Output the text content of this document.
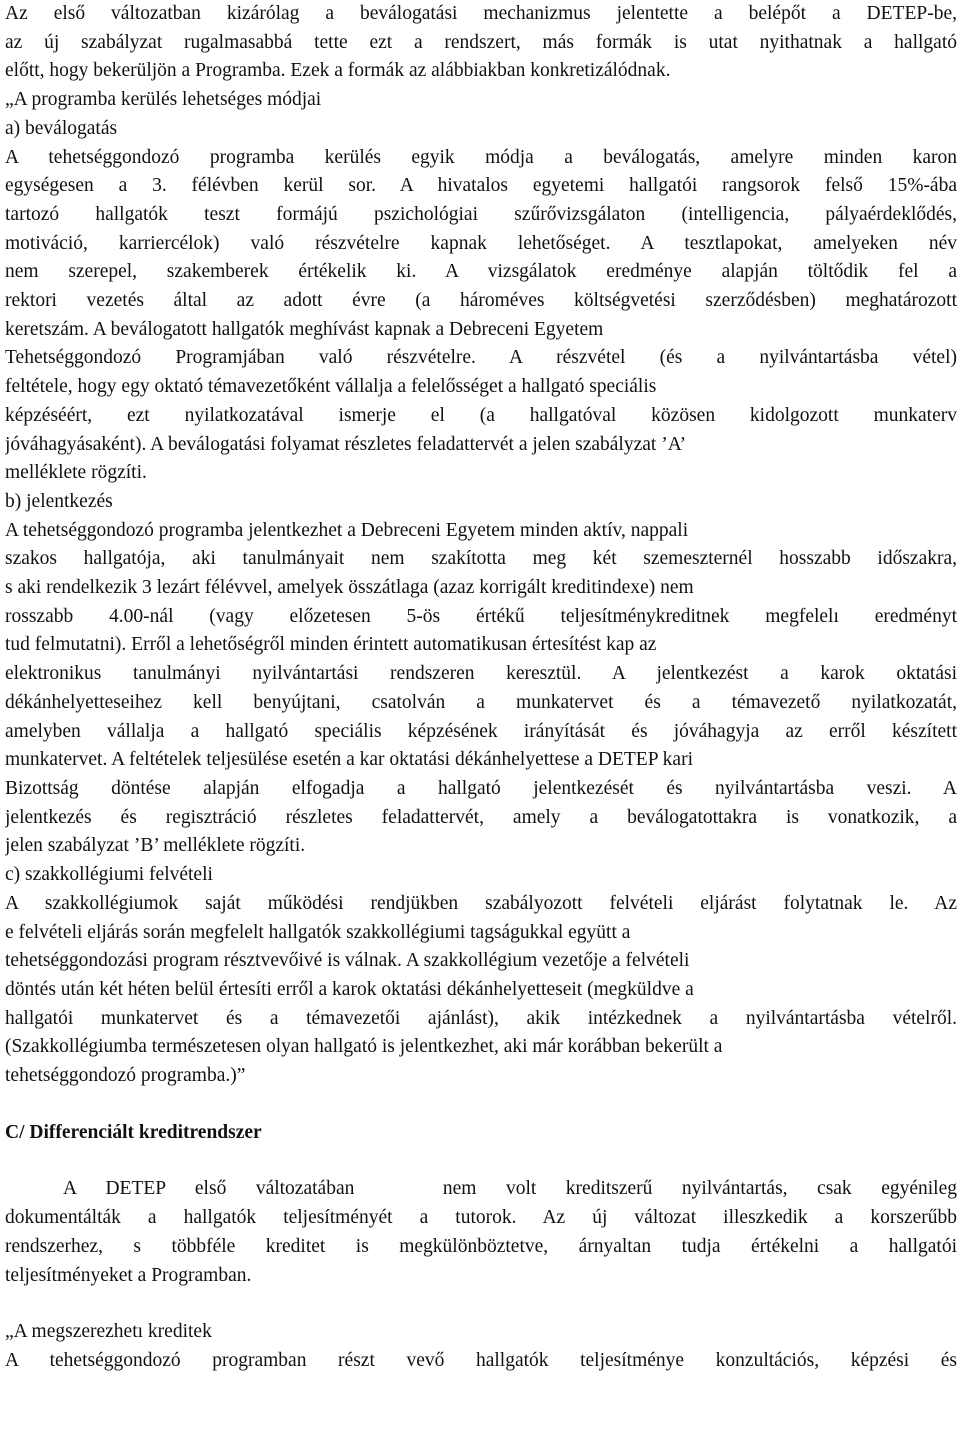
Az első változatban kizárólag a beválogatási mechanizmus jelentette a belépőt a DETEP-be,
az új szabályzat rugalmasabbá tette ezt a rendszert, más formák is utat nyithatnak a hallgató
előtt, hogy bekerüljön a Programba. Ezek a formák az alábbiakban konkretizálódnak.
„A programba kerülés lehetséges módjai
a) beválogatás
A tehetséggondozó programba kerülés egyik módja a beválogatás, amelyre minden karon
egységesen a 3. félévben kerül sor. A hivatalos egyetemi hallgatói rangsorok felső 15%-ába
tartozó hallgatók teszt formájú pszichológiai szűrővizsgálaton (intelligencia, pályaérdeklődés,
motiváció, karriercélok) való részvételre kapnak lehetőséget. A tesztlapokat, amelyeken név
nem szerepel, szakemberek értékelik ki. A vizsgálatok eredménye alapján töltődik fel a
rektori vezetés által az adott évre (a hároméves költségvetési szerződésben) meghatározott
keretszám. A beválogatott hallgatók meghívást kapnak a Debreceni Egyetem
Tehetséggondozó Programjában való részvételre. A részvétel (és a nyilvántartásba vétel)
feltétele, hogy egy oktató témavezetőként vállalja a felelősséget a hallgató speciális
képzéséért, ezt nyilatkozatával ismerje el (a hallgatóval közösen kidolgozott munkaterv
jóváhagyásaként). A beválogatási folyamat részletes feladattervét a jelen szabályzat ’A’
melléklete rögzíti.
b) jelentkezés
A tehetséggondozó programba jelentkezhet a Debreceni Egyetem minden aktív, nappali
szakos hallgatója, aki tanulmányait nem szakította meg két szemeszternél hosszabb időszakra,
s aki rendelkezik 3 lezárt félévvel, amelyek összátlaga (azaz korrigált kreditindexe) nem
rosszabb 4.00-nál (vagy előzetesen 5-ös értékű teljesítménykreditnek megfelelı eredményt
tud felmutatni). Erről a lehetőségről minden érintett automatikusan értesítést kap az
elektronikus tanulmányi nyilvántartási rendszeren keresztül. A jelentkezést a karok oktatási
dékánhelyetteseihez kell benyújtani, csatolván a munkatervet és a témavezető nyilatkozatát,
amelyben vállalja a hallgató speciális képzésének irányítását és jóváhagyja az erről készített
munkatervet. A feltételek teljesülése esetén a kar oktatási dékánhelyettese a DETEP kari
Bizottság döntése alapján elfogadja a hallgató jelentkezését és nyilvántartásba veszi. A
jelentkezés és regisztráció részletes feladattervét, amely a beválogatottakra is vonatkozik, a
jelen szabályzat ’B’ melléklete rögzíti.
c) szakkollégiumi felvételi
A szakkollégiumok saját működési rendjükben szabályozott felvételi eljárást folytatnak le. Az
e felvételi eljárás során megfelelt hallgatók szakkollégiumi tagságukkal együtt a
tehetséggondozási program résztvevőivé is válnak. A szakkollégium vezetője a felvételi
döntés után két héten belül értesíti erről a karok oktatási dékánhelyetteseit (megküldve a
hallgatói munkatervet és a témavezetői ajánlást), akik intézkednek a nyilvántartásba vételről.
(Szakkollégiumba természetesen olyan hallgató is jelentkezhet, aki már korábban bekerült a
tehetséggondozó programba.)”
C/ Differenciált kreditrendszer
A DETEP első változatában   nem volt kreditszerű nyilvántartás, csak egyénileg
dokumentálták a hallgatók teljesítményét a tutorok. Az új változat illeszkedik a korszerűbb
rendszerhez, s többféle kreditet is megkülönböztetve, árnyaltan tudja értékelni a hallgatói
teljesítményeket a Programban.
„A megszerezhetı kreditek
A tehetséggondozó programban részt vevő hallgatók teljesítménye konzultációs, képzési és
